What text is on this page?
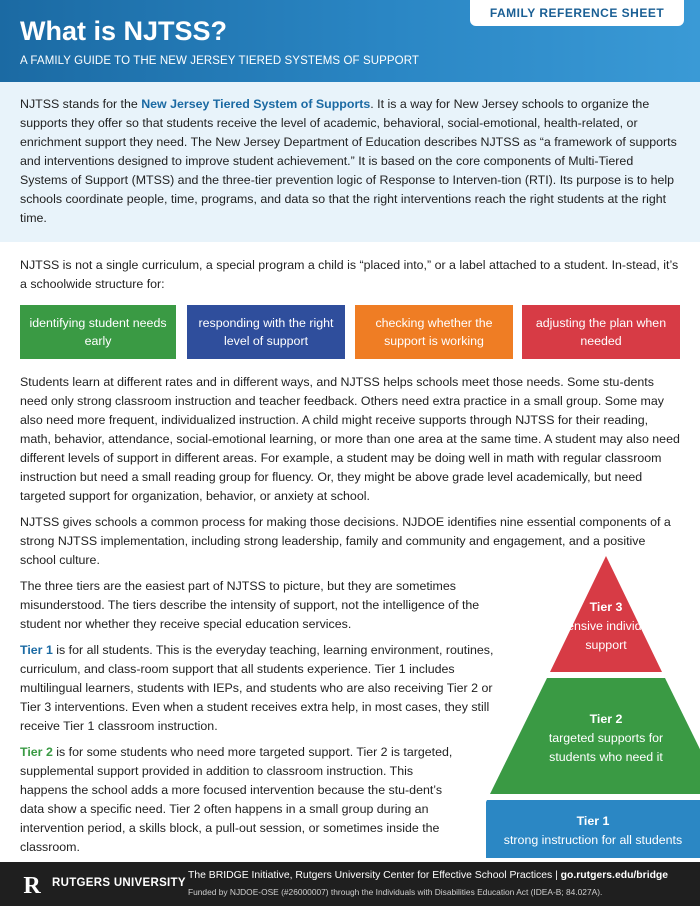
FAMILY REFERENCE SHEET
What is NJTSS?
A FAMILY GUIDE TO THE NEW JERSEY TIERED SYSTEMS OF SUPPORT
NJTSS stands for the New Jersey Tiered System of Supports. It is a way for New Jersey schools to organize the supports they offer so that students receive the level of academic, behavioral, social-emotional, health-related, or enrichment support they need. The New Jersey Department of Education describes NJTSS as “a framework of supports and interventions designed to improve student achievement.” It is based on the core components of Multi-Tiered Systems of Support (MTSS) and the three-tier prevention logic of Response to Interven-tion (RTI). Its purpose is to help schools coordinate people, time, programs, and data so that the right interventions reach the right students at the right time.
NJTSS is not a single curriculum, a special program a child is “placed into,” or a label attached to a student. In-stead, it’s a schoolwide structure for:
identifying student needs early
responding with the right level of support
checking whether the support is working
adjusting the plan when needed
Students learn at different rates and in different ways, and NJTSS helps schools meet those needs. Some stu-dents need only strong classroom instruction and teacher feedback. Others need extra practice in a small group. Some may also need more frequent, individualized instruction. A child might receive supports through NJTSS for their reading, math, behavior, attendance, social-emotional learning, or more than one area at the same time. A student may also need different levels of support in different areas. For example, a student may be doing well in math with regular classroom instruction but need a small reading group for fluency. Or, they might be above grade level academically, but need targeted support for organization, behavior, or anxiety at school.
NJTSS gives schools a common process for making those decisions. NJDOE identifies nine essential components of a strong NJTSS implementation, including strong leadership, family and community and engagement, and a positive school culture.
The three tiers are the easiest part of NJTSS to picture, but they are sometimes misunderstood. The tiers describe the intensity of support, not the intelligence of the student nor whether they receive special education services.
Tier 1 is for all students. This is the everyday teaching, learning environment, routines, curriculum, and class-room support that all students experience. Tier 1 includes multilingual learners, students with IEPs, and students who are also receiving Tier 2 or Tier 3 interventions. Even when a student receives extra help, in most cases, they still receive Tier 1 classroom instruction.
Tier 2 is for some students who need more targeted support. Tier 2 is targeted, supplemental support provided in addition to classroom instruction. This happens the school adds a more focused intervention because the stu-dent’s data show a specific need. Tier 2 often happens in a small group during an intervention period, a skills block, a pull-out session, or sometimes inside the classroom.
Tier 3
intensive individual support
Tier 2
targeted supports for students who need it
Tier 1
strong instruction for all students
R RUTGERS UNIVERSITY
The BRIDGE Initiative, Rutgers University Center for Effective School Practices | go.rutgers.edu/bridge
Funded by NJDOE-OSE (#26000007) through the Individuals with Disabilities Education Act (IDEA-B; 84.027A).
